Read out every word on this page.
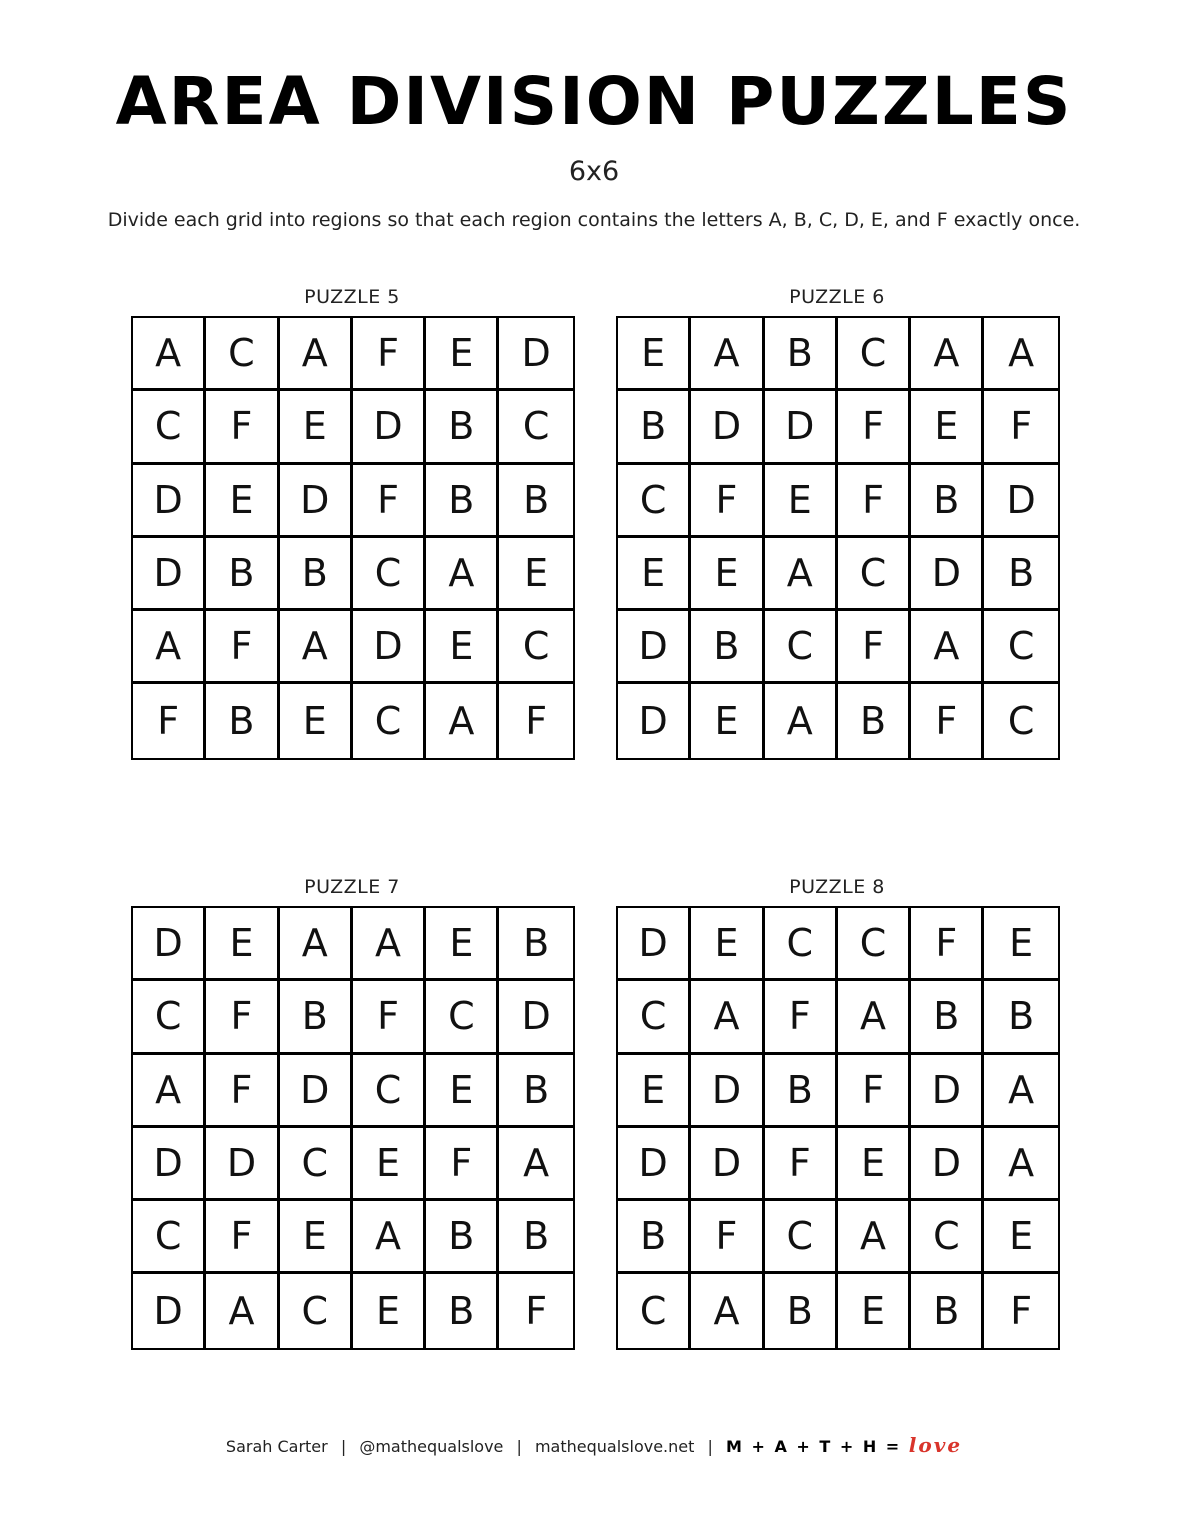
AREA DIVISION PUZZLES
6x6
Divide each grid into regions so that each region contains the letters A, B, C, D, E, and F exactly once.
PUZZLE 5
A	C	A	F	E	D
C	F	E	D	B	C
D	E	D	F	B	B
D	B	B	C	A	E
A	F	A	D	E	C
F	B	E	C	A	F
PUZZLE 6
E	A	B	C	A	A
B	D	D	F	E	F
C	F	E	F	B	D
E	E	A	C	D	B
D	B	C	F	A	C
D	E	A	B	F	C
PUZZLE 7
D	E	A	A	E	B
C	F	B	F	C	D
A	F	D	C	E	B
D	D	C	E	F	A
C	F	E	A	B	B
D	A	C	E	B	F
PUZZLE 8
D	E	C	C	F	E
C	A	F	A	B	B
E	D	B	F	D	A
D	D	F	E	D	A
B	F	C	A	C	E
C	A	B	E	B	F
Sarah Carter | @mathequalslove | mathequalslove.net | M + A + T + H = love
